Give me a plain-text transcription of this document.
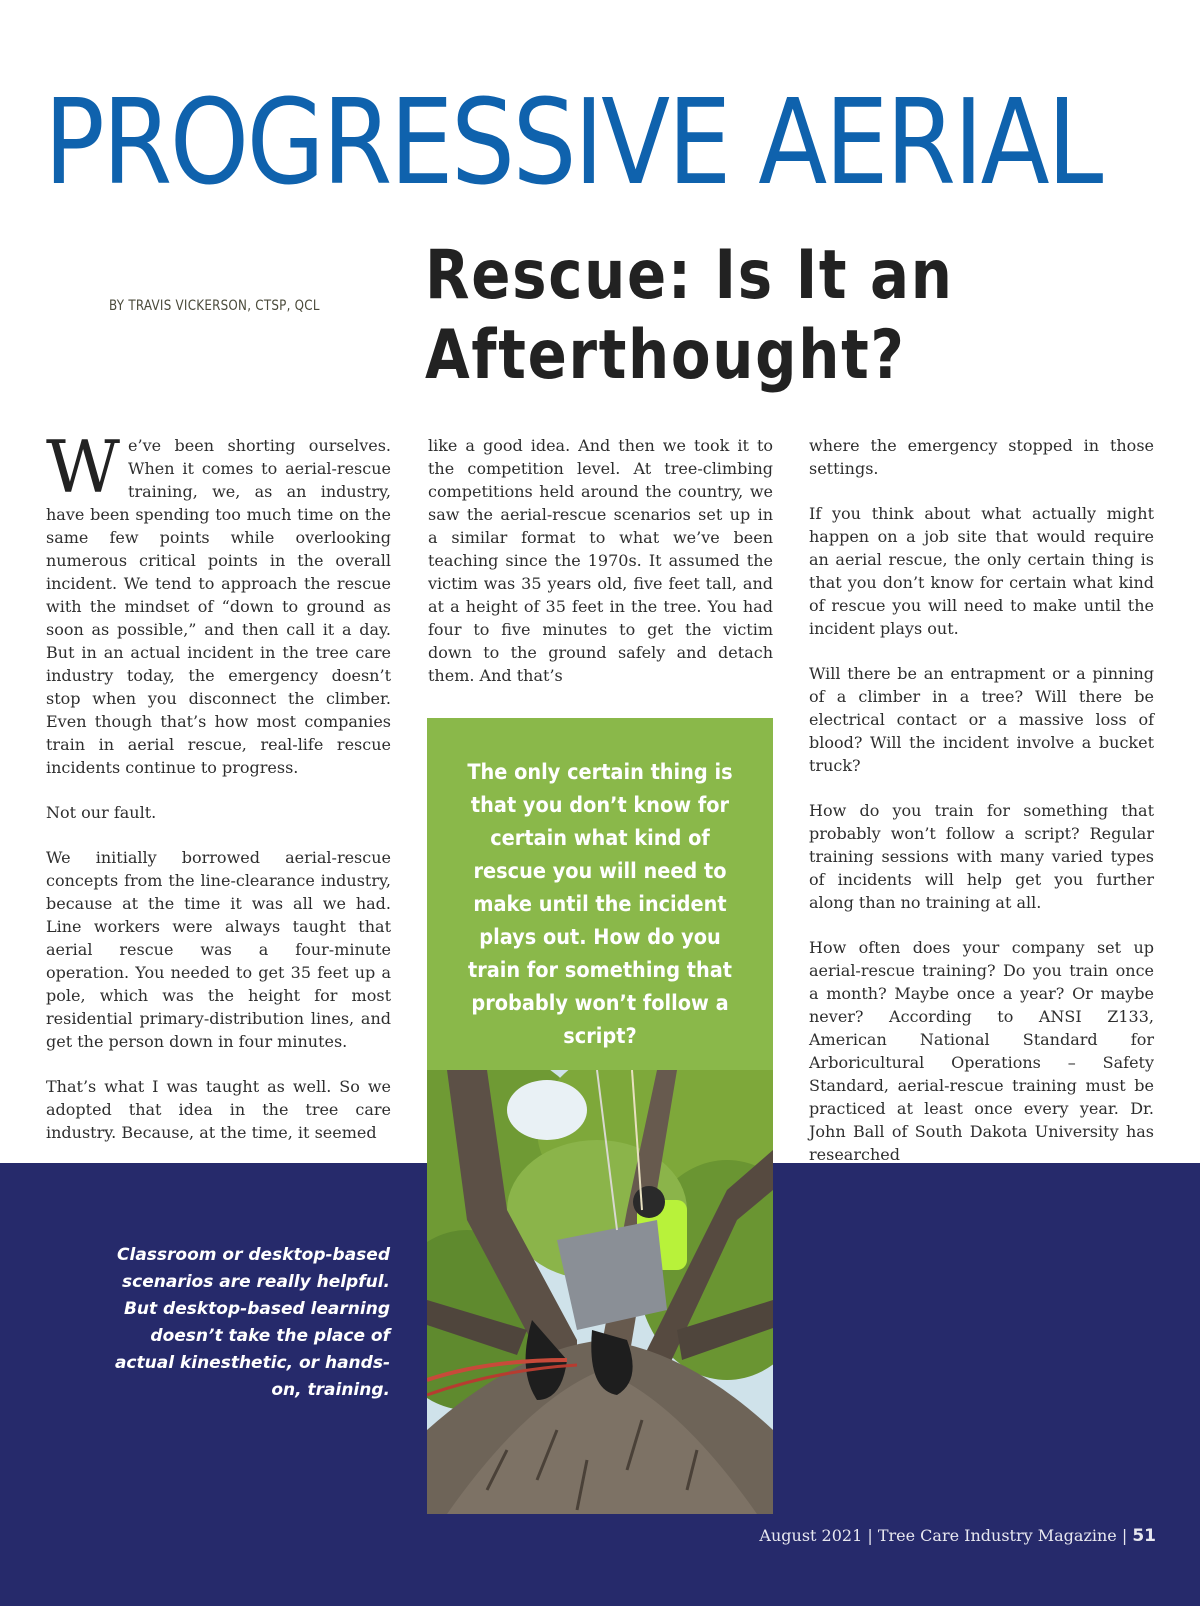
PROGRESSIVE AERIAL
Rescue: Is It an Afterthought?
BY TRAVIS VICKERSON, CTSP, QCL

We’ve been shorting ourselves. When it comes to aerial-rescue training, we, as an industry, have been spending too much time on the same few points while overlooking numerous critical points in the overall incident. We tend to approach the rescue with the mindset of “down to ground as soon as possible,” and then call it a day. But in an actual incident in the tree care industry today, the emergency doesn’t stop when you disconnect the climber. Even though that’s how most companies train in aerial rescue, real-life rescue incidents continue to progress.

Not our fault.

We initially borrowed aerial-rescue concepts from the line-clearance industry, because at the time it was all we had. Line workers were always taught that aerial rescue was a four-minute operation. You needed to get 35 feet up a pole, which was the height for most residential primary-distribution lines, and get the person down in four minutes.

That’s what I was taught as well. So we adopted that idea in the tree care industry. Because, at the time, it seemed

like a good idea. And then we took it to the competition level. At tree-climbing competitions held around the country, we saw the aerial-rescue scenarios set up in a similar format to what we’ve been teaching since the 1970s. It assumed the victim was 35 years old, five feet tall, and at a height of 35 feet in the tree. You had four to five minutes to get the victim down to the ground safely and detach them. And that’s

where the emergency stopped in those settings.

If you think about what actually might happen on a job site that would require an aerial rescue, the only certain thing is that you don’t know for certain what kind of rescue you will need to make until the incident plays out.

Will there be an entrapment or a pinning of a climber in a tree? Will there be electrical contact or a massive loss of blood? Will the incident involve a bucket truck?

How do you train for something that probably won’t follow a script? Regular training sessions with many varied types of incidents will help get you further along than no training at all.

How often does your company set up aerial-rescue training? Do you train once a month? Maybe once a year? Or maybe never? According to ANSI Z133, American National Standard for Arboricultural Operations – Safety Standard, aerial-rescue training must be practiced at least once every year. Dr. John Ball of South Dakota University has researched

The only certain thing is that you don’t know for certain what kind of rescue you will need to make until the incident plays out. How do you train for something that probably won’t follow a script?
Classroom or desktop-based scenarios are really helpful. But desktop-based learning doesn’t take the place of actual kinesthetic, or hands-on, training.
August 2021 | Tree Care Industry Magazine | 51
